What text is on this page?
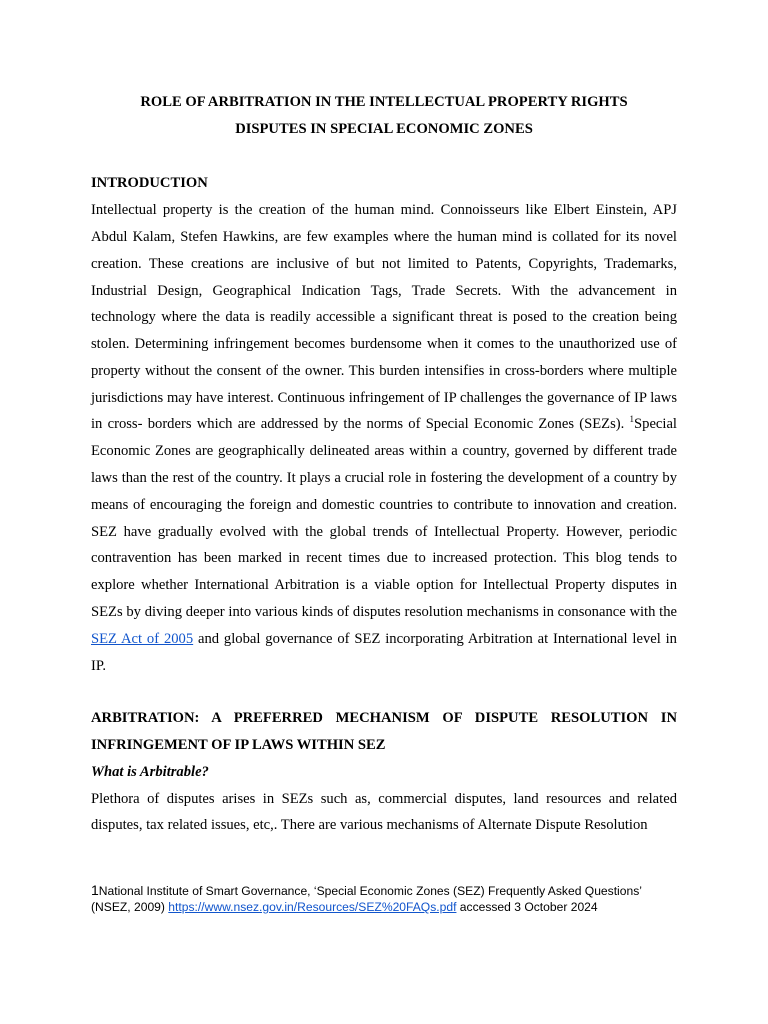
ROLE OF ARBITRATION IN THE INTELLECTUAL PROPERTY RIGHTS
DISPUTES IN SPECIAL ECONOMIC ZONES

INTRODUCTION

Intellectual property is the creation of the human mind. Connoisseurs like Elbert Einstein, APJ Abdul Kalam, Stefen Hawkins, are few examples where the human mind is collated for its novel creation. These creations are inclusive of but not limited to Patents, Copyrights, Trademarks, Industrial Design, Geographical Indication Tags, Trade Secrets. With the advancement in technology where the data is readily accessible a significant threat is posed to the creation being stolen. Determining infringement becomes burdensome when it comes to the unauthorized use of property without the consent of the owner. This burden intensifies in cross-borders where multiple jurisdictions may have interest. Continuous infringement of IP challenges the governance of IP laws in cross- borders which are addressed by the norms of Special Economic Zones (SEZs). $^1$Special Economic Zones are geographically delineated areas within a country, governed by different trade laws than the rest of the country. It plays a crucial role in fostering the development of a country by means of encouraging the foreign and domestic countries to contribute to innovation and creation. SEZ have gradually evolved with the global trends of Intellectual Property. However, periodic contravention has been marked in recent times due to increased protection. This blog tends to explore whether International Arbitration is a viable option for Intellectual Property disputes in SEZs by diving deeper into various kinds of disputes resolution mechanisms in consonance with the SEZ Act of 2005 and global governance of SEZ incorporating Arbitration at International level in IP.

ARBITRATION: A PREFERRED MECHANISM OF DISPUTE RESOLUTION IN INFRINGEMENT OF IP LAWS WITHIN SEZ

What is Arbitrable?

Plethora of disputes arises in SEZs such as, commercial disputes, land resources and related disputes, tax related issues, etc,. There are various mechanisms of Alternate Dispute Resolution

1National Institute of Smart Governance, ‘Special Economic Zones (SEZ) Frequently Asked Questions’ (NSEZ, 2009) https://www.nsez.gov.in/Resources/SEZ%20FAQs.pdf accessed 3 October 2024
